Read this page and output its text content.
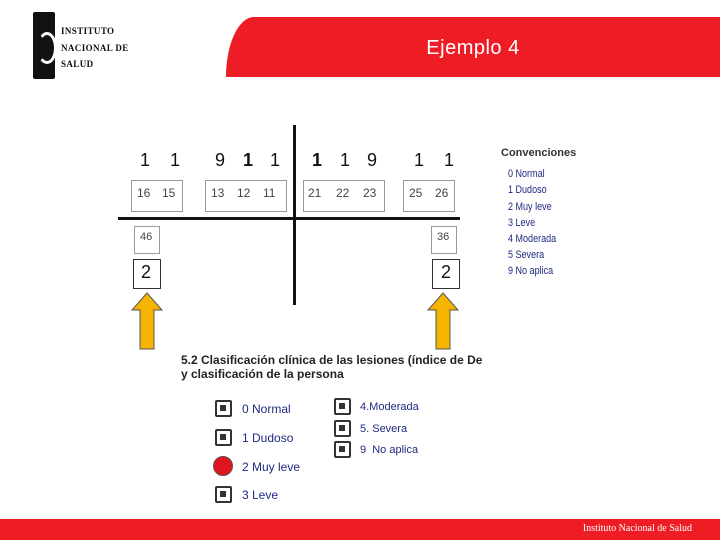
INSTITUTO
NACIONAL DE
SALUD
Ejemplo 4
1 1 9 1 1 1 1 9 1 1
16 15	13 12 11	21 22 23	25 26
46	36
2	2
Convenciones
0 Normal
1 Dudoso
2 Muy leve
3 Leve
4 Moderada
5 Severa
9 No aplica
5.2 Clasificación clínica de las lesiones (índice de De
y clasificación de la persona
0 Normal
1 Dudoso
2 Muy leve
3 Leve
4.Moderada
5. Severa
9  No aplica
Instituto Nacional de Salud
